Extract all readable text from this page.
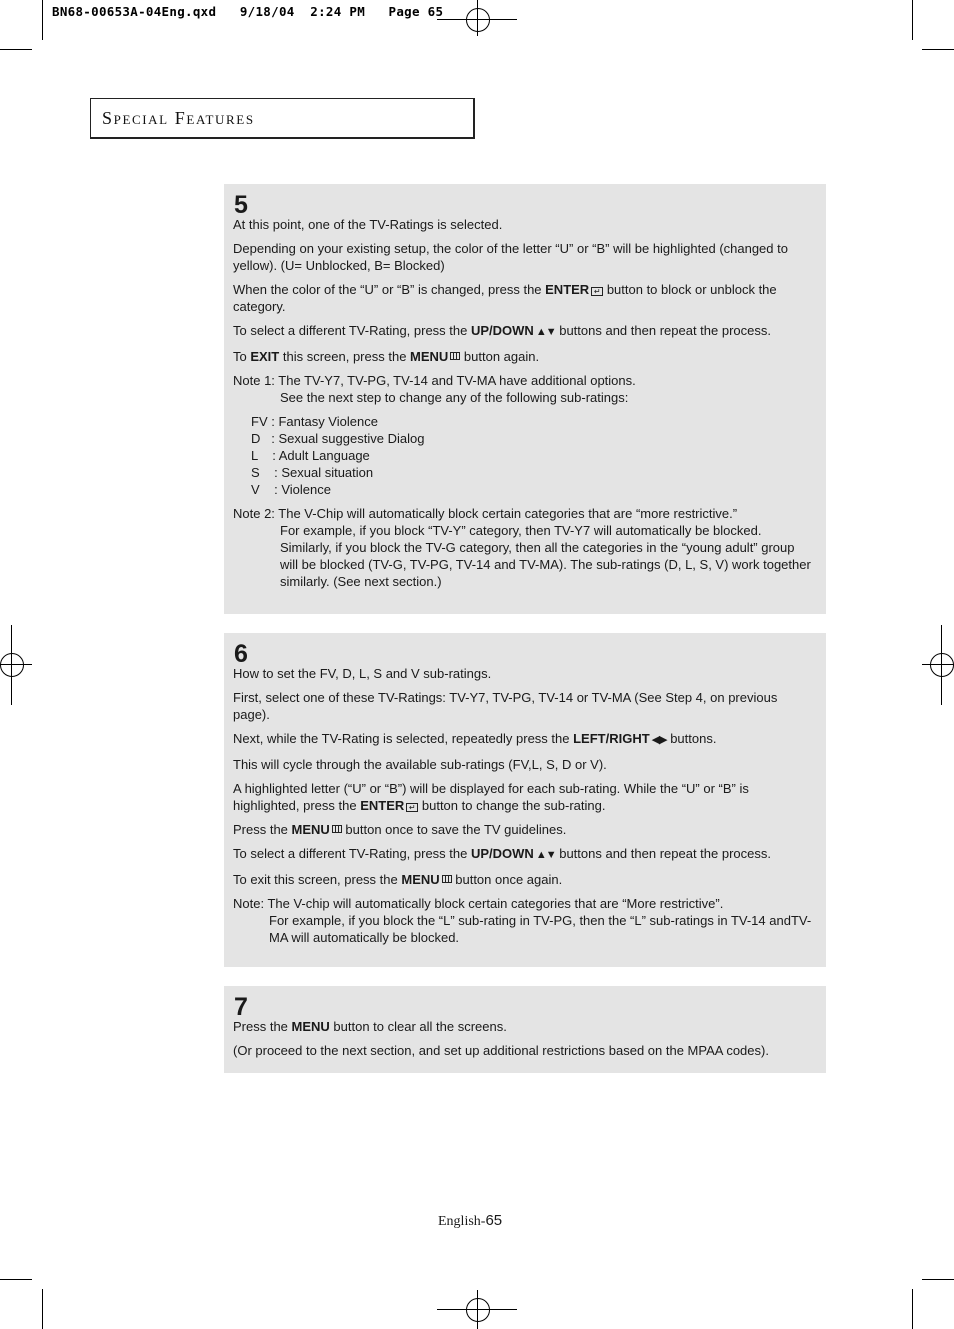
BN68-00653A-04Eng.qxd   9/18/04  2:24 PM   Page 65
Special Features
5

At this point, one of the TV-Ratings is selected.

Depending on your existing setup, the color of the letter “U” or “B” will be highlighted (changed to yellow). (U= Unblocked, B= Blocked)

When the color of the “U” or “B” is changed, press the ENTER ↵ button to block or unblock the category.

To select a different TV-Rating, press the UP/DOWN ▲▼ buttons and then repeat the process.

To EXIT this screen, press the MENU button again.

Note 1: The TV-Y7, TV-PG, TV-14 and TV-MA have additional options.

See the next step to change any of the following sub-ratings:

FV : Fantasy Violence
D   : Sexual suggestive Dialog
L    : Adult Language
S    : Sexual situation
V    : Violence

Note 2: The V-Chip will automatically block certain categories that are “more restrictive.”
For example, if you block “TV-Y” category, then TV-Y7 will automatically be blocked. Similarly, if you block the TV-G category, then all the categories in the “young adult” group will be blocked (TV-G, TV-PG, TV-14 and TV-MA). The sub-ratings (D, L, S, V) work together similarly. (See next section.)

6

How to set the FV, D, L, S and V sub-ratings.

First, select one of these TV-Ratings: TV-Y7, TV-PG, TV-14 or TV-MA (See Step 4, on previous page).

Next, while the TV-Rating is selected, repeatedly press the LEFT/RIGHT ◀▶ buttons.

This will cycle through the available sub-ratings (FV,L, S, D or V).

A highlighted letter (“U” or “B”) will be displayed for each sub-rating. While the “U” or “B” is highlighted, press the ENTER ↵ button to change the sub-rating.

Press the MENU button once to save the TV guidelines.

To select a different TV-Rating, press the UP/DOWN ▲▼ buttons and then repeat the process.

To exit this screen, press the MENU button once again.

Note: The V-chip will automatically block certain categories that are “More restrictive”.
For example, if you block the “L” sub-rating in TV-PG, then the “L” sub-ratings in TV-14 andTV-MA will automatically be blocked.

7

Press the MENU button to clear all the screens.

(Or proceed to the next section, and set up additional restrictions based on the MPAA codes).

English-65
